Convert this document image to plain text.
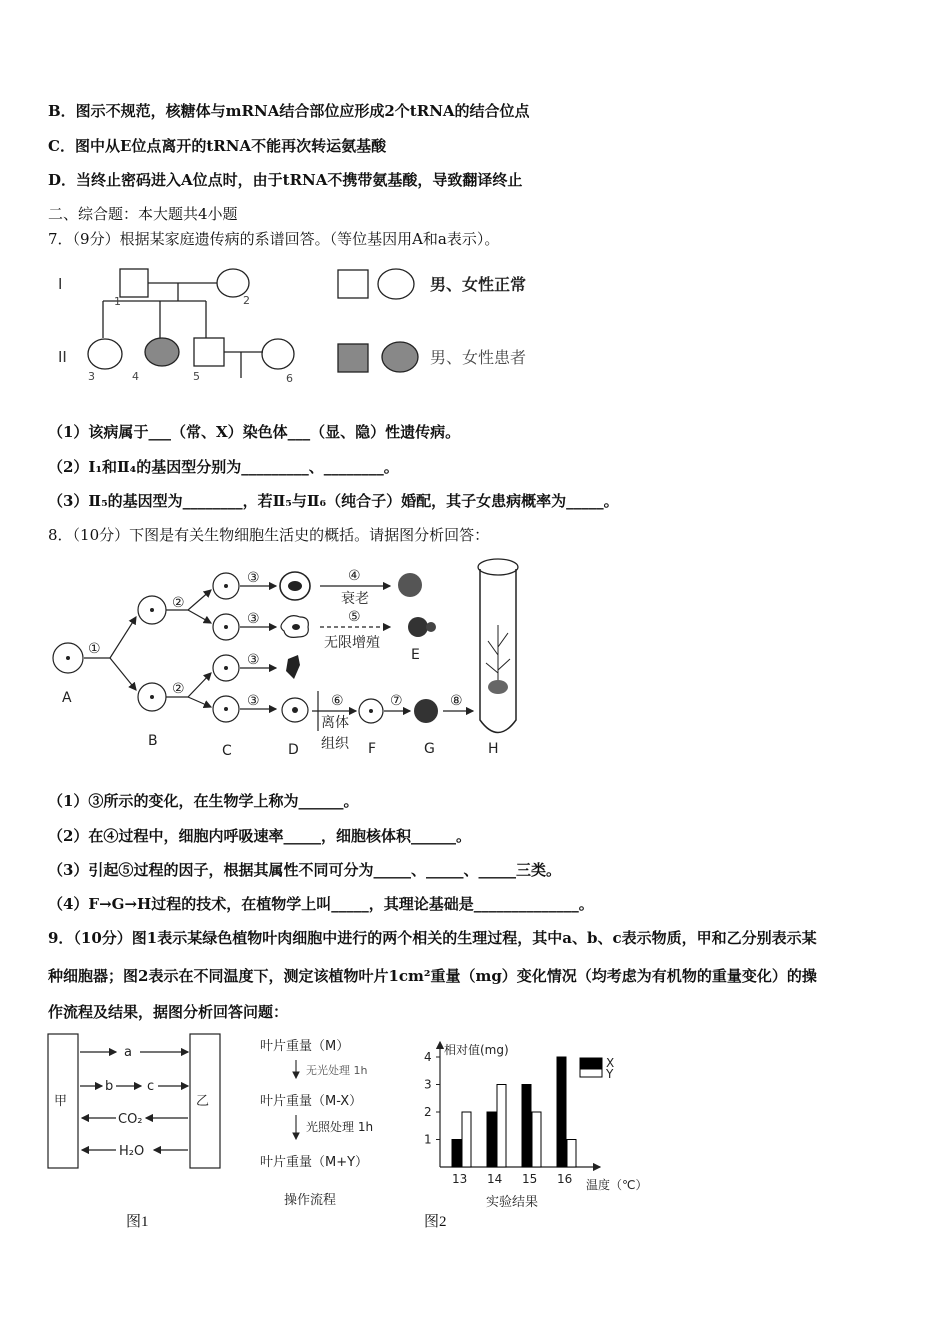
B．图示不规范，核糖体与mRNA结合部位应形成2个tRNA的结合位点
C．图中从E位点离开的tRNA不能再次转运氨基酸
D．当终止密码进入A位点时，由于tRNA不携带氨基酸，导致翻译终止
二、综合题：本大题共4小题
7．（9分）根据某家庭遗传病的系谱回答。（等位基因用A和a表示）。
I
II
1	2
3	4	5	6
男、女性正常
男、女性患者
（1）该病属于___（常、X）染色体___（显、隐）性遗传病。
（2）Ⅰ₁和Ⅱ₄的基因型分别为_________、________。
（3）Ⅱ₅的基因型为________，若Ⅱ₅与Ⅱ₆（纯合子）婚配，其子女患病概率为_____。
8．（10分）下图是有关生物细胞生活史的概括。请据图分析回答：
①
②
②
③
③
③
③
④
衰老
⑤
无限增殖
⑥
离体
组织
⑦	⑧
A
B
C	D
E
F	G	H
（1）③所示的变化，在生物学上称为______。
（2）在④过程中，细胞内呼吸速率_____，细胞核体积______。
（3）引起⑤过程的因子，根据其属性不同可分为_____、_____、_____三类。
（4）F→G→H过程的技术，在植物学上叫_____，其理论基础是______________。
9．（10分）图1表示某绿色植物叶肉细胞中进行的两个相关的生理过程，其中a、b、c表示物质，甲和乙分别表示某
种细胞器；图2表示在不同温度下，测定该植物叶片1cm²重量（mg）变化情况（均考虑为有机物的重量变化）的操
作流程及结果，据图分析回答问题：
甲	乙
a
b	c
CO₂
H₂O
图1
叶片重量（M）
无光处理 1h
叶片重量（M-X）
光照处理 1h
叶片重量（M+Y）
操作流程
相对值(mg)
温度（℃）
实验结果
1
2
3
4
13 14 15 16
X
Y
图2
